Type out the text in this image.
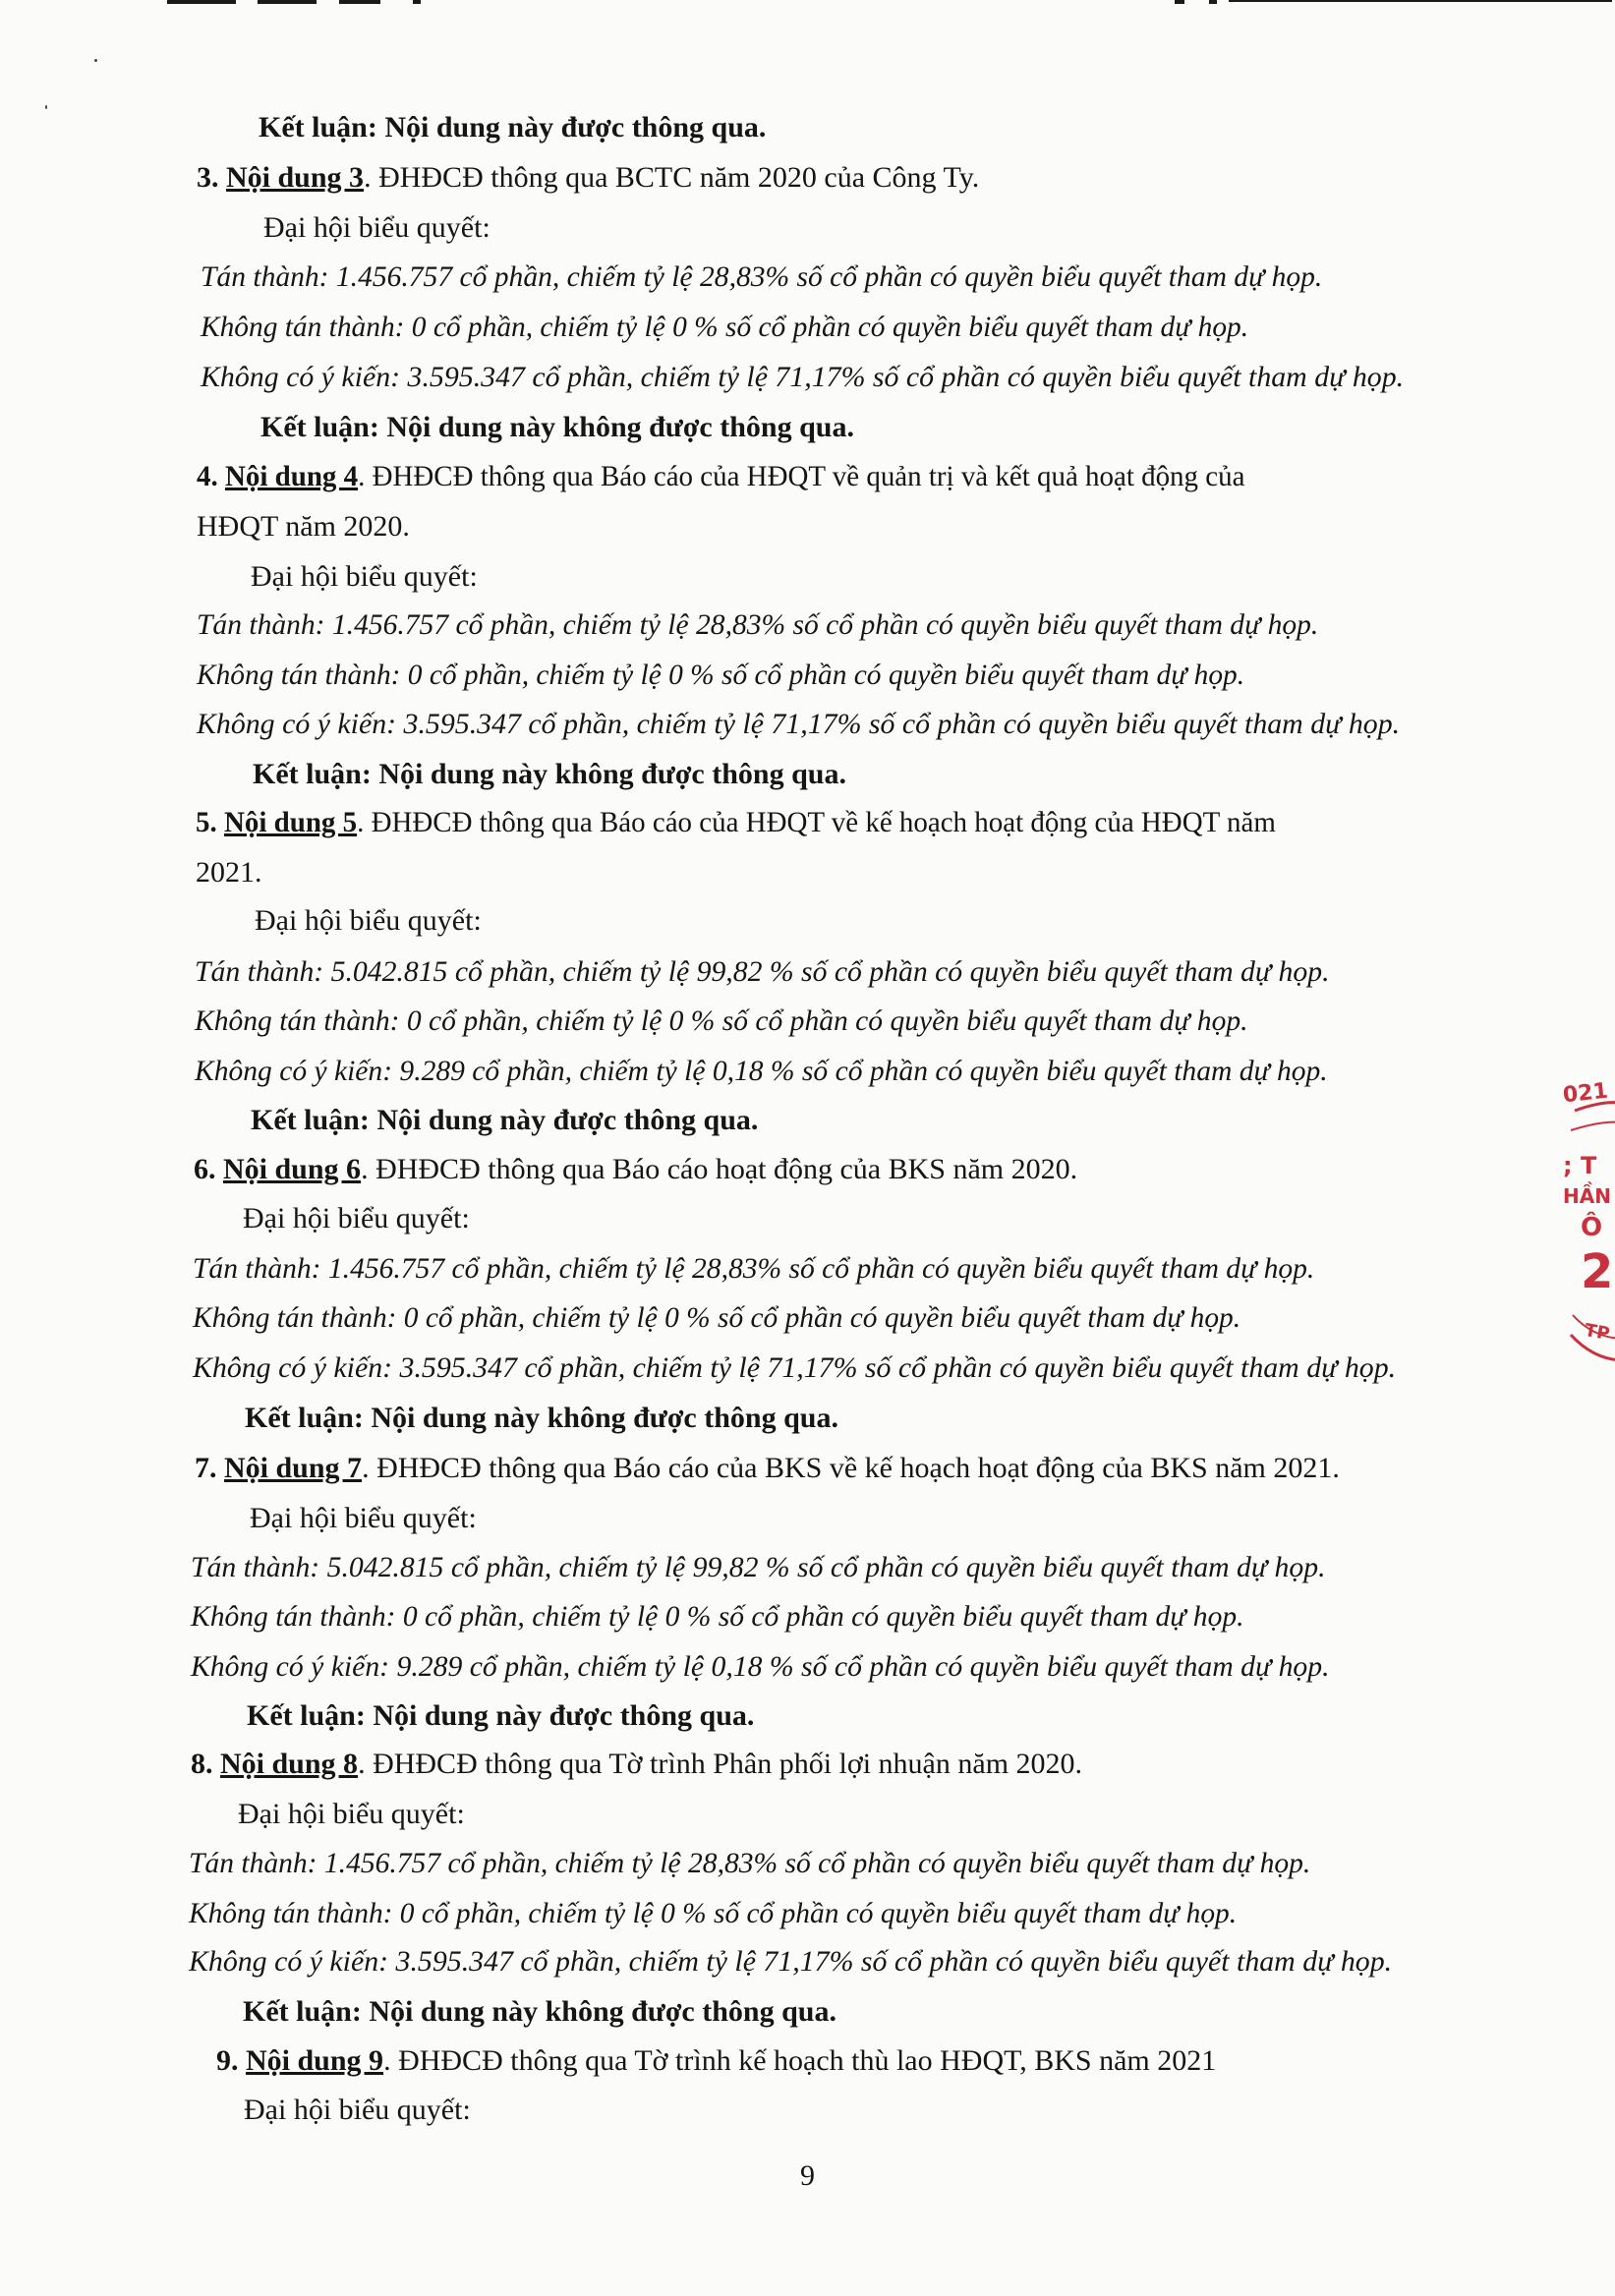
Kết luận: Nội dung này được thông qua.
3. Nội dung 3. ĐHĐCĐ thông qua BCTC năm 2020 của Công Ty.
Đại hội biểu quyết:
Tán thành: 1.456.757 cổ phần, chiếm tỷ lệ 28,83% số cổ phần có quyền biểu quyết tham dự họp.
Không tán thành: 0 cổ phần, chiếm tỷ lệ 0 % số cổ phần có quyền biểu quyết tham dự họp.
Không có ý kiến: 3.595.347 cổ phần, chiếm tỷ lệ 71,17% số cổ phần có quyền biểu quyết tham dự họp.
Kết luận: Nội dung này không được thông qua.
4. Nội dung 4. ĐHĐCĐ thông qua Báo cáo của HĐQT về quản trị và kết quả hoạt động của
HĐQT năm 2020.
Đại hội biểu quyết:
Tán thành: 1.456.757 cổ phần, chiếm tỷ lệ 28,83% số cổ phần có quyền biểu quyết tham dự họp.
Không tán thành: 0 cổ phần, chiếm tỷ lệ 0 % số cổ phần có quyền biểu quyết tham dự họp.
Không có ý kiến: 3.595.347 cổ phần, chiếm tỷ lệ 71,17% số cổ phần có quyền biểu quyết tham dự họp.
Kết luận: Nội dung này không được thông qua.
5. Nội dung 5. ĐHĐCĐ thông qua Báo cáo của HĐQT về kế hoạch hoạt động của HĐQT năm
2021.
Đại hội biểu quyết:
Tán thành: 5.042.815 cổ phần, chiếm tỷ lệ 99,82 % số cổ phần có quyền biểu quyết tham dự họp.
Không tán thành: 0 cổ phần, chiếm tỷ lệ 0 % số cổ phần có quyền biểu quyết tham dự họp.
Không có ý kiến: 9.289 cổ phần, chiếm tỷ lệ 0,18 % số cổ phần có quyền biểu quyết tham dự họp.
Kết luận: Nội dung này được thông qua.
6. Nội dung 6. ĐHĐCĐ thông qua Báo cáo hoạt động của BKS năm 2020.
Đại hội biểu quyết:
Tán thành: 1.456.757 cổ phần, chiếm tỷ lệ 28,83% số cổ phần có quyền biểu quyết tham dự họp.
Không tán thành: 0 cổ phần, chiếm tỷ lệ 0 % số cổ phần có quyền biểu quyết tham dự họp.
Không có ý kiến: 3.595.347 cổ phần, chiếm tỷ lệ 71,17% số cổ phần có quyền biểu quyết tham dự họp.
Kết luận: Nội dung này không được thông qua.
7. Nội dung 7. ĐHĐCĐ thông qua Báo cáo của BKS về kế hoạch hoạt động của BKS năm 2021.
Đại hội biểu quyết:
Tán thành: 5.042.815 cổ phần, chiếm tỷ lệ 99,82 % số cổ phần có quyền biểu quyết tham dự họp.
Không tán thành: 0 cổ phần, chiếm tỷ lệ 0 % số cổ phần có quyền biểu quyết tham dự họp.
Không có ý kiến: 9.289 cổ phần, chiếm tỷ lệ 0,18 % số cổ phần có quyền biểu quyết tham dự họp.
Kết luận: Nội dung này được thông qua.
8. Nội dung 8. ĐHĐCĐ thông qua Tờ trình Phân phối lợi nhuận năm 2020.
Đại hội biểu quyết:
Tán thành: 1.456.757 cổ phần, chiếm tỷ lệ 28,83% số cổ phần có quyền biểu quyết tham dự họp.
Không tán thành: 0 cổ phần, chiếm tỷ lệ 0 % số cổ phần có quyền biểu quyết tham dự họp.
Không có ý kiến: 3.595.347 cổ phần, chiếm tỷ lệ 71,17% số cổ phần có quyền biểu quyết tham dự họp.
Kết luận: Nội dung này không được thông qua.
9. Nội dung 9. ĐHĐCĐ thông qua Tờ trình kế hoạch thù lao HĐQT, BKS năm 2021
Đại hội biểu quyết:
9
021
; T
HẦN
Ô
2
TP
